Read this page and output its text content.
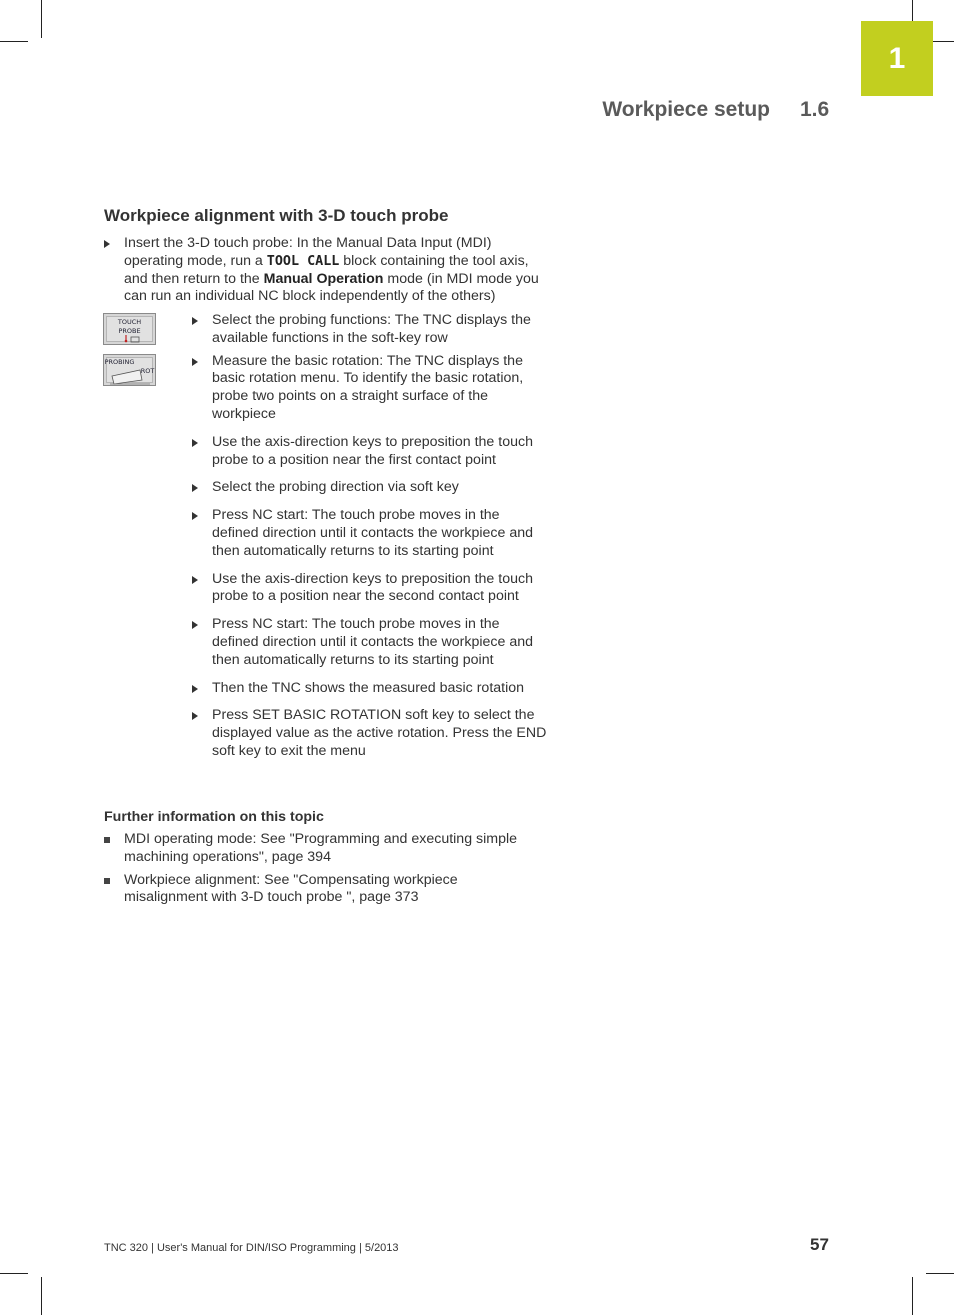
1
Workpiece setup 1.6
Workpiece alignment with 3-D touch probe
Insert the 3-D touch probe: In the Manual Data Input (MDI) operating mode, run a TOOL CALL block containing the tool axis, and then return to the Manual Operation mode (in MDI mode you can run an individual NC block independently of the others)
TOUCH
PROBE
PROBING
ROT
Select the probing functions: The TNC displays the available functions in the soft-key row
Measure the basic rotation: The TNC displays the basic rotation menu. To identify the basic rotation, probe two points on a straight surface of the workpiece
Use the axis-direction keys to preposition the touch probe to a position near the first contact point
Select the probing direction via soft key
Press NC start: The touch probe moves in the defined direction until it contacts the workpiece and then automatically returns to its starting point
Use the axis-direction keys to preposition the touch probe to a position near the second contact point
Press NC start: The touch probe moves in the defined direction until it contacts the workpiece and then automatically returns to its starting point
Then the TNC shows the measured basic rotation
Press SET BASIC ROTATION soft key to select the displayed value as the active rotation. Press the END soft key to exit the menu
Further information on this topic
MDI operating mode: See "Programming and executing simple machining operations", page 394
Workpiece alignment: See "Compensating workpiece misalignment with 3-D touch probe ", page 373
TNC 320 | User's Manual for DIN/ISO Programming | 5/2013	57
